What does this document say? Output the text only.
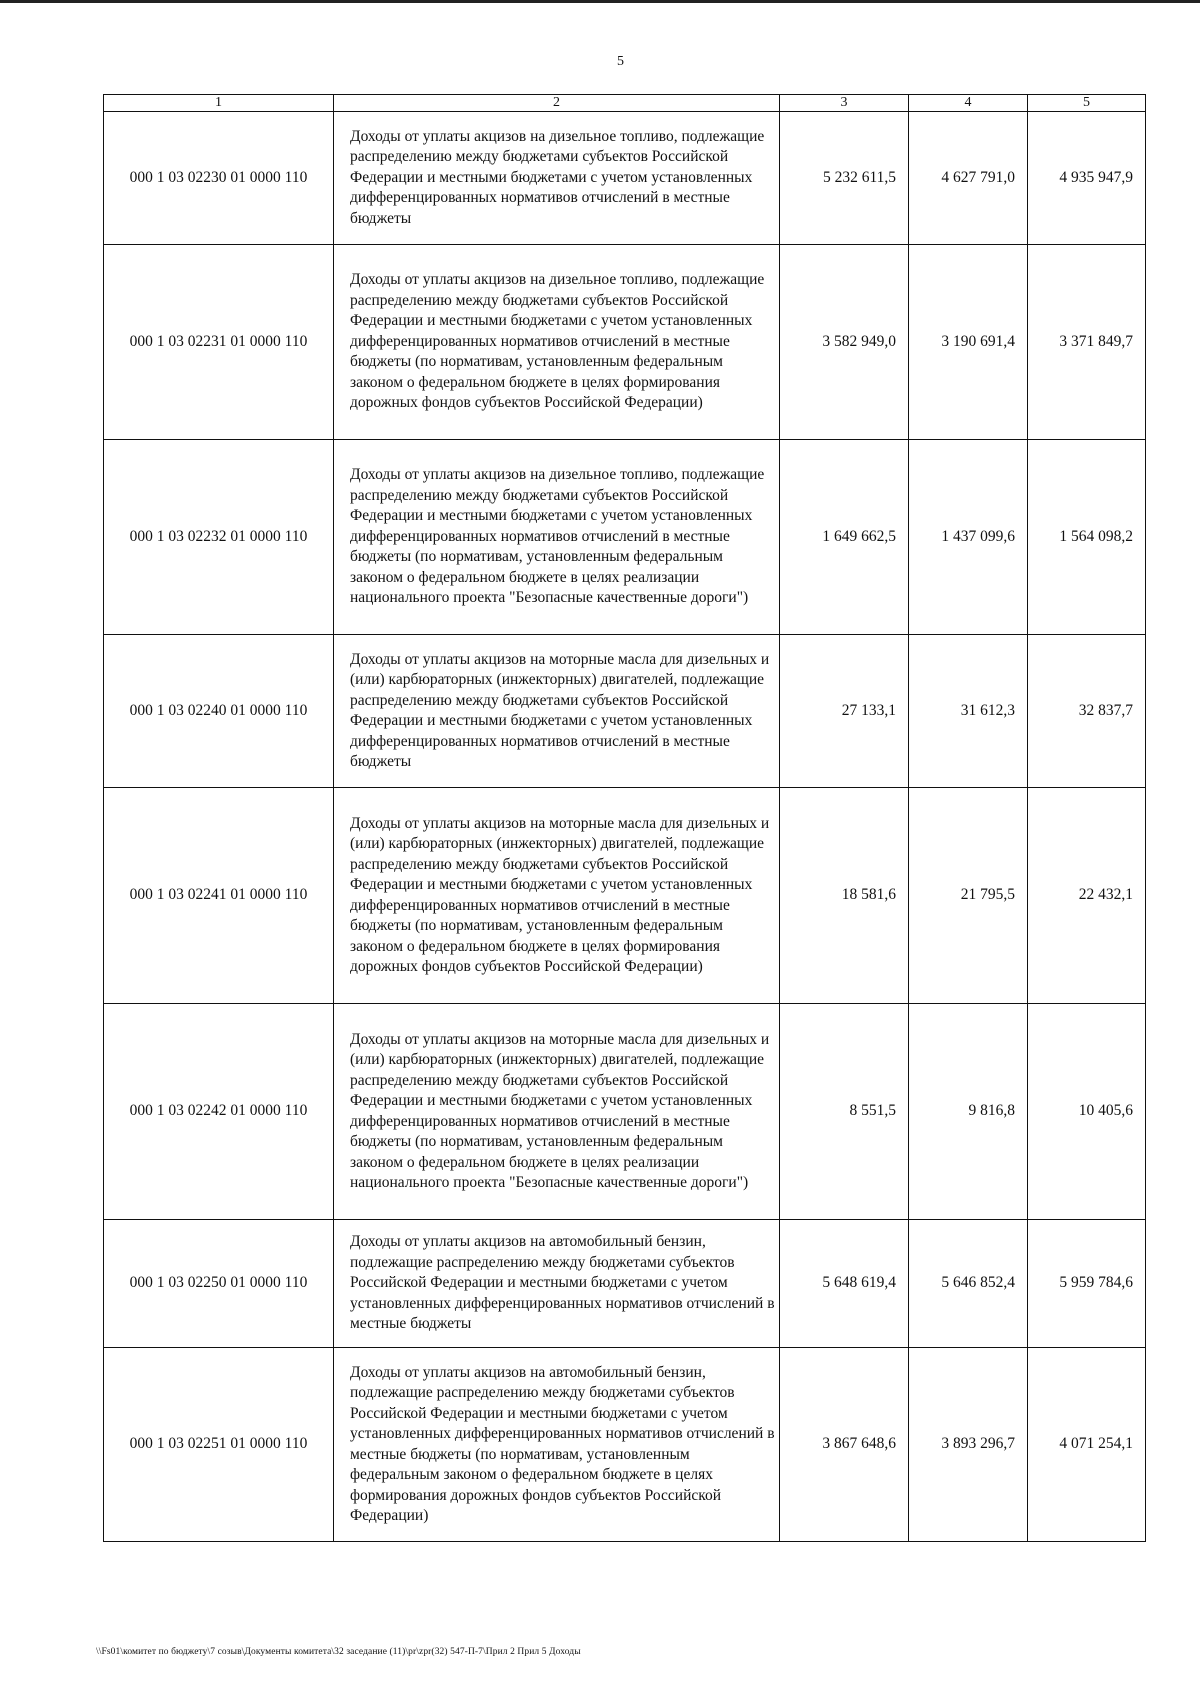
5
1	2	3	4	5
000 1 03 02230 01 0000 110	Доходы от уплаты акцизов на дизельное топливо, подлежащие распределению между бюджетами субъектов Российской Федерации и местными бюджетами с учетом установленных дифференцированных нормативов отчислений в местные бюджеты	5 232 611,5	4 627 791,0	4 935 947,9
000 1 03 02231 01 0000 110	Доходы от уплаты акцизов на дизельное топливо, подлежащие распределению между бюджетами субъектов Российской Федерации и местными бюджетами с учетом установленных дифференцированных нормативов отчислений в местные бюджеты (по нормативам, установленным федеральным законом о федеральном бюджете в целях формирования дорожных фондов субъектов Российской Федерации)	3 582 949,0	3 190 691,4	3 371 849,7
000 1 03 02232 01 0000 110	Доходы от уплаты акцизов на дизельное топливо, подлежащие распределению между бюджетами субъектов Российской Федерации и местными бюджетами с учетом установленных дифференцированных нормативов отчислений в местные бюджеты (по нормативам, установленным федеральным законом о федеральном бюджете в целях реализации национального проекта "Безопасные качественные дороги")	1 649 662,5	1 437 099,6	1 564 098,2
000 1 03 02240 01 0000 110	Доходы от уплаты акцизов на моторные масла для дизельных и (или) карбюраторных (инжекторных) двигателей, подлежащие распределению между бюджетами субъектов Российской Федерации и местными бюджетами с учетом установленных дифференцированных нормативов отчислений в местные бюджеты	27 133,1	31 612,3	32 837,7
000 1 03 02241 01 0000 110	Доходы от уплаты акцизов на моторные масла для дизельных и (или) карбюраторных (инжекторных) двигателей, подлежащие распределению между бюджетами субъектов Российской Федерации и местными бюджетами с учетом установленных дифференцированных нормативов отчислений в местные бюджеты (по нормативам, установленным федеральным законом о федеральном бюджете в целях формирования дорожных фондов субъектов Российской Федерации)	18 581,6	21 795,5	22 432,1
000 1 03 02242 01 0000 110	Доходы от уплаты акцизов на моторные масла для дизельных и (или) карбюраторных (инжекторных) двигателей, подлежащие распределению между бюджетами субъектов Российской Федерации и местными бюджетами с учетом установленных дифференцированных нормативов отчислений в местные бюджеты (по нормативам, установленным федеральным законом о федеральном бюджете в целях реализации национального проекта "Безопасные качественные дороги")	8 551,5	9 816,8	10 405,6
000 1 03 02250 01 0000 110	Доходы от уплаты акцизов на автомобильный бензин, подлежащие распределению между бюджетами субъектов Российской Федерации и местными бюджетами с учетом установленных дифференцированных нормативов отчислений в местные бюджеты	5 648 619,4	5 646 852,4	5 959 784,6
000 1 03 02251 01 0000 110	Доходы от уплаты акцизов на автомобильный бензин, подлежащие распределению между бюджетами субъектов Российской Федерации и местными бюджетами с учетом установленных дифференцированных нормативов отчислений в местные бюджеты (по нормативам, установленным федеральным законом о федеральном бюджете в целях формирования дорожных фондов субъектов Российской Федерации)	3 867 648,6	3 893 296,7	4 071 254,1
\\Fs01\комитет по бюджету\7 созыв\Документы комитета\32 заседание (11)\pr\zpr(32) 547-П-7\Прил 2 Прил 5 Доходы
